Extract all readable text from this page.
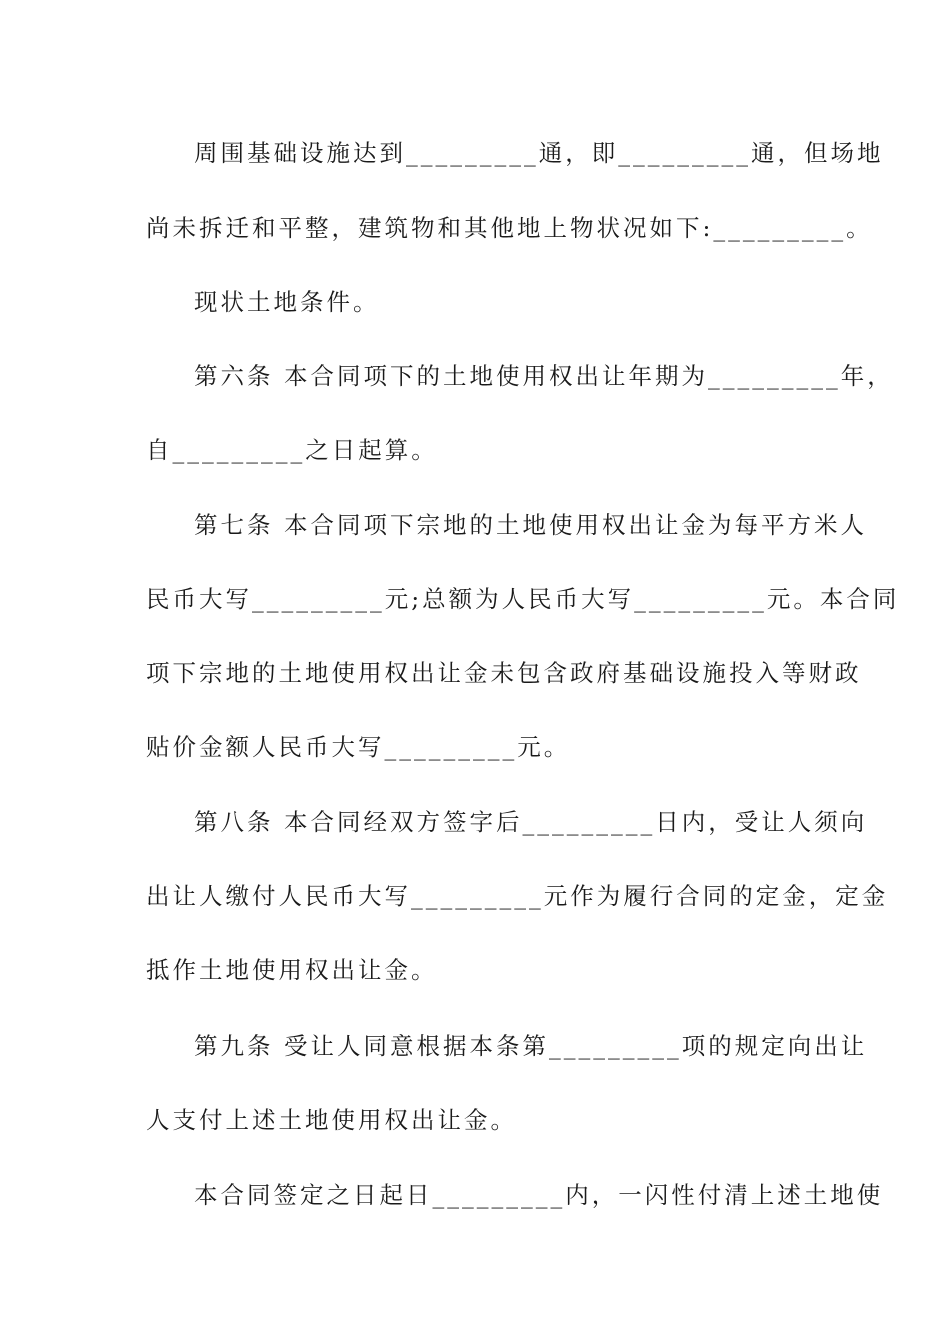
周围基础设施达到_________通，即_________通，但场地
尚未拆迁和平整，建筑物和其他地上物状况如下:_________。
现状土地条件。
第六条 本合同项下的土地使用权出让年期为_________年，
自_________之日起算。
第七条 本合同项下宗地的土地使用权出让金为每平方米人
民币大写_________元;总额为人民币大写_________元。本合同
项下宗地的土地使用权出让金未包含政府基础设施投入等财政
贴价金额人民币大写_________元。
第八条 本合同经双方签字后_________日内，受让人须向
出让人缴付人民币大写_________元作为履行合同的定金，定金
抵作土地使用权出让金。
第九条 受让人同意根据本条第_________项的规定向出让
人支付上述土地使用权出让金。
本合同签定之日起日_________内，一闪性付清上述土地使
